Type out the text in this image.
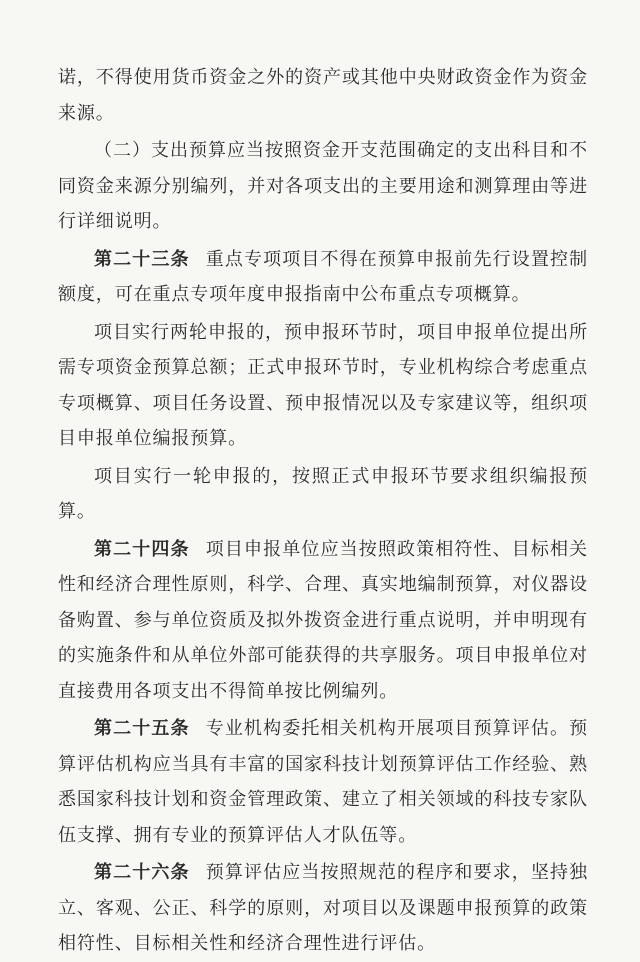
诺，不得使用货币资金之外的资产或其他中央财政资金作为资金来源。

（二）支出预算应当按照资金开支范围确定的支出科目和不同资金来源分别编列，并对各项支出的主要用途和测算理由等进行详细说明。

第二十三条 重点专项项目不得在预算申报前先行设置控制额度，可在重点专项年度申报指南中公布重点专项概算。

项目实行两轮申报的，预申报环节时，项目申报单位提出所需专项资金预算总额；正式申报环节时，专业机构综合考虑重点专项概算、项目任务设置、预申报情况以及专家建议等，组织项目申报单位编报预算。

项目实行一轮申报的，按照正式申报环节要求组织编报预算。

第二十四条 项目申报单位应当按照政策相符性、目标相关性和经济合理性原则，科学、合理、真实地编制预算，对仪器设备购置、参与单位资质及拟外拨资金进行重点说明，并申明现有的实施条件和从单位外部可能获得的共享服务。项目申报单位对直接费用各项支出不得简单按比例编列。

第二十五条 专业机构委托相关机构开展项目预算评估。预算评估机构应当具有丰富的国家科技计划预算评估工作经验、熟悉国家科技计划和资金管理政策、建立了相关领域的科技专家队伍支撑、拥有专业的预算评估人才队伍等。

第二十六条 预算评估应当按照规范的程序和要求，坚持独立、客观、公正、科学的原则，对项目以及课题申报预算的政策相符性、目标相关性和经济合理性进行评估。
